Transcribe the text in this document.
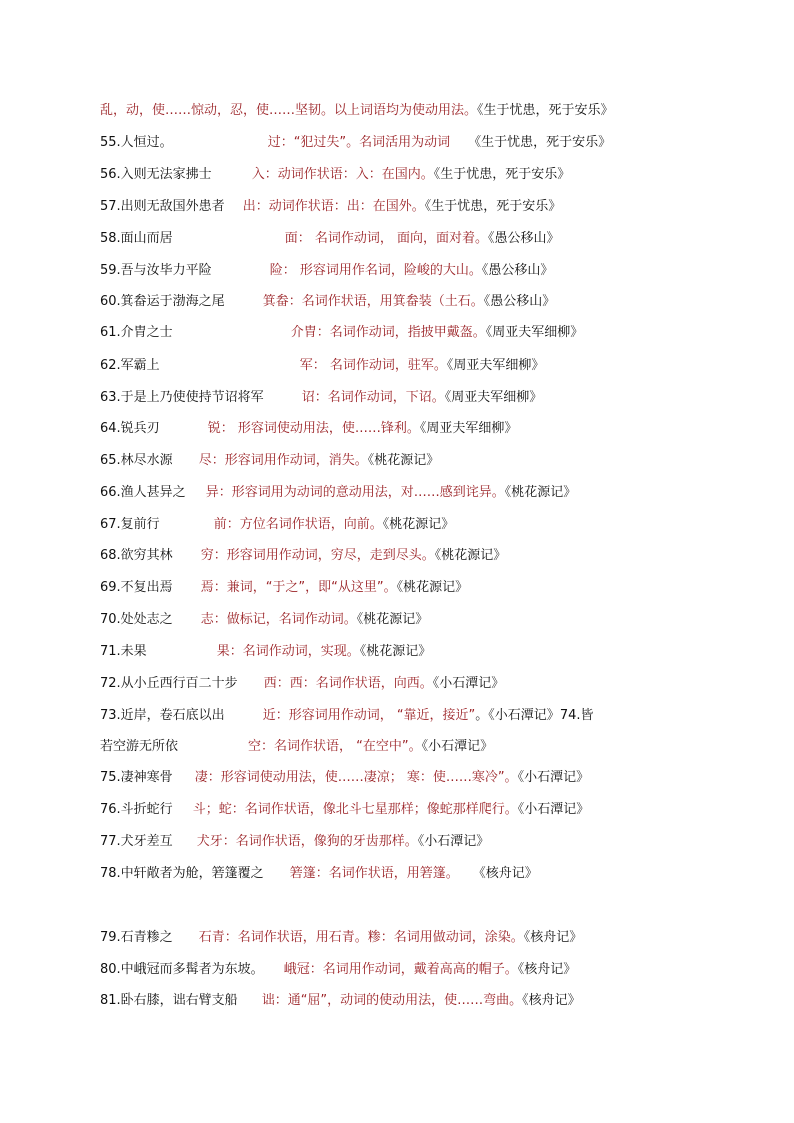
乱，动，使……惊动，忍，使……坚韧。以上词语均为使动用法。《生于忧患，死于安乐》
55.人恒过。	过：“犯过失”。名词活用为动词 《生于忧患，死于安乐》
56.入则无法家拂士	入：动词作状语：入：在国内。《生于忧患，死于安乐》
57.出则无敌国外患者 出：动词作状语：出：在国外。《生于忧患，死于安乐》
58.面山而居	面： 名词作动词， 面向，面对着。《愚公移山》
59.吾与汝毕力平险	险： 形容词用作名词，险峻的大山。《愚公移山》
60.箕畚运于渤海之尾	箕畚：名词作状语，用箕畚装（土石。《愚公移山》
61.介胄之士	介胄：名词作动词，指披甲戴盔。《周亚夫军细柳》
62.军霸上	军： 名词作动词，驻军。《周亚夫军细柳》
63.于是上乃使使持节诏将军	诏：名词作动词，下诏。《周亚夫军细柳》
64.锐兵刃	锐： 形容词使动用法，使……锋利。《周亚夫军细柳》
65.林尽水源 尽：形容词用作动词，消失。《桃花源记》
66.渔人甚异之 异：形容词用为动词的意动用法，对……感到诧异。《桃花源记》
67.复前行	前：方位名词作状语，向前。《桃花源记》
68.欲穷其林 穷：形容词用作动词，穷尽，走到尽头。《桃花源记》
69.不复出焉 焉：兼词，“于之”，即“从这里”。《桃花源记》
70.处处志之 志：做标记，名词作动词。《桃花源记》
71.未果	果：名词作动词，实现。《桃花源记》
72.从小丘西行百二十步 西：西：名词作状语，向西。《小石潭记》
73.近岸，卷石底以出	近：形容词用作动词， “靠近，接近”。《小石潭记》74.皆
若空游无所依	空：名词作状语， “在空中”。《小石潭记》
75.凄神寒骨 凄：形容词使动用法，使……凄凉； 寒：使……寒冷”。《小石潭记》
76.斗折蛇行 斗；蛇：名词作状语，像北斗七星那样；像蛇那样爬行。《小石潭记》
77.犬牙差互 犬牙：名词作状语，像狗的牙齿那样。《小石潭记》
78.中轩敞者为舱，箬篷覆之 箬篷：名词作状语，用箬篷。 《核舟记》
79.石青糁之 石青：名词作状语，用石青。糁：名词用做动词，涂染。《核舟记》
80.中峨冠而多髯者为东坡。 峨冠：名词用作动词，戴着高高的帽子。《核舟记》
81.卧右膝，诎右臂支船 诎：通“屈”，动词的使动用法，使……弯曲。《核舟记》
